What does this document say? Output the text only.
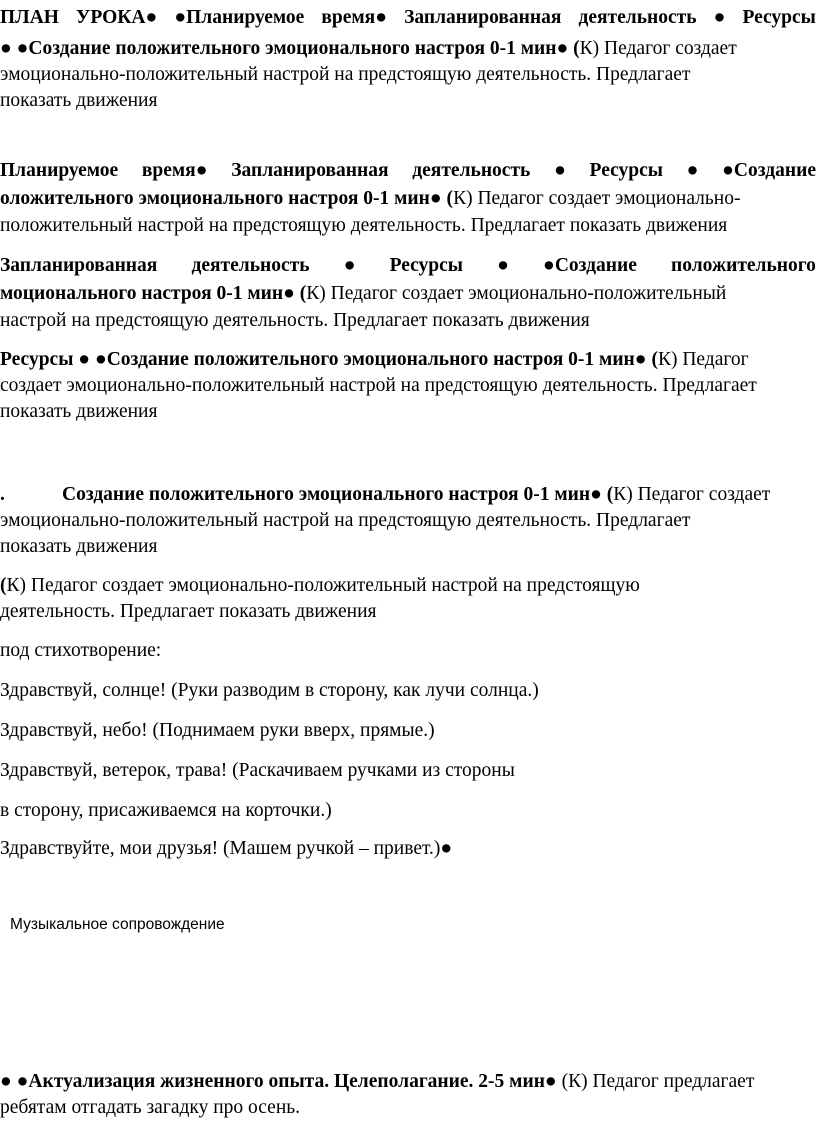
ПЛАН УРОКА● ●Планируемое время● Запланированная деятельность ● Ресурсы
● ●Создание положительного эмоционального настроя 0-1 мин● (К) Педагог создает
эмоционально-положительный настрой на предстоящую деятельность. Предлагает
показать движения
Планируемое время● Запланированная деятельность ● Ресурсы ● ●Создание
оложительного эмоционального настроя 0-1 мин● (К) Педагог создает эмоционально-
положительный настрой на предстоящую деятельность. Предлагает показать движения
Запланированная деятельность ● Ресурсы ● ●Создание положительного
моционального настроя 0-1 мин● (К) Педагог создает эмоционально-положительный
настрой на предстоящую деятельность. Предлагает показать движения
Ресурсы ● ●Создание положительного эмоционального настроя 0-1 мин● (К) Педагог
создает эмоционально-положительный настрой на предстоящую деятельность. Предлагает
показать движения
.	Создание положительного эмоционального настроя 0-1 мин● (К) Педагог создает
эмоционально-положительный настрой на предстоящую деятельность. Предлагает
показать движения
(К) Педагог создает эмоционально-положительный настрой на предстоящую
деятельность. Предлагает показать движения
под стихотворение:
Здравствуй, солнце! (Руки разводим в сторону, как лучи солнца.)
Здравствуй, небо! (Поднимаем руки вверх, прямые.)
Здравствуй, ветерок, трава! (Раскачиваем ручками из стороны
в сторону, присаживаемся на корточки.)
Здравствуйте, мои друзья! (Машем ручкой – привет.)●
Музыкальное сопровождение
● ●Актуализация жизненного опыта. Целеполагание. 2-5 мин● (К) Педагог предлагает
ребятам отгадать загадку про осень.
